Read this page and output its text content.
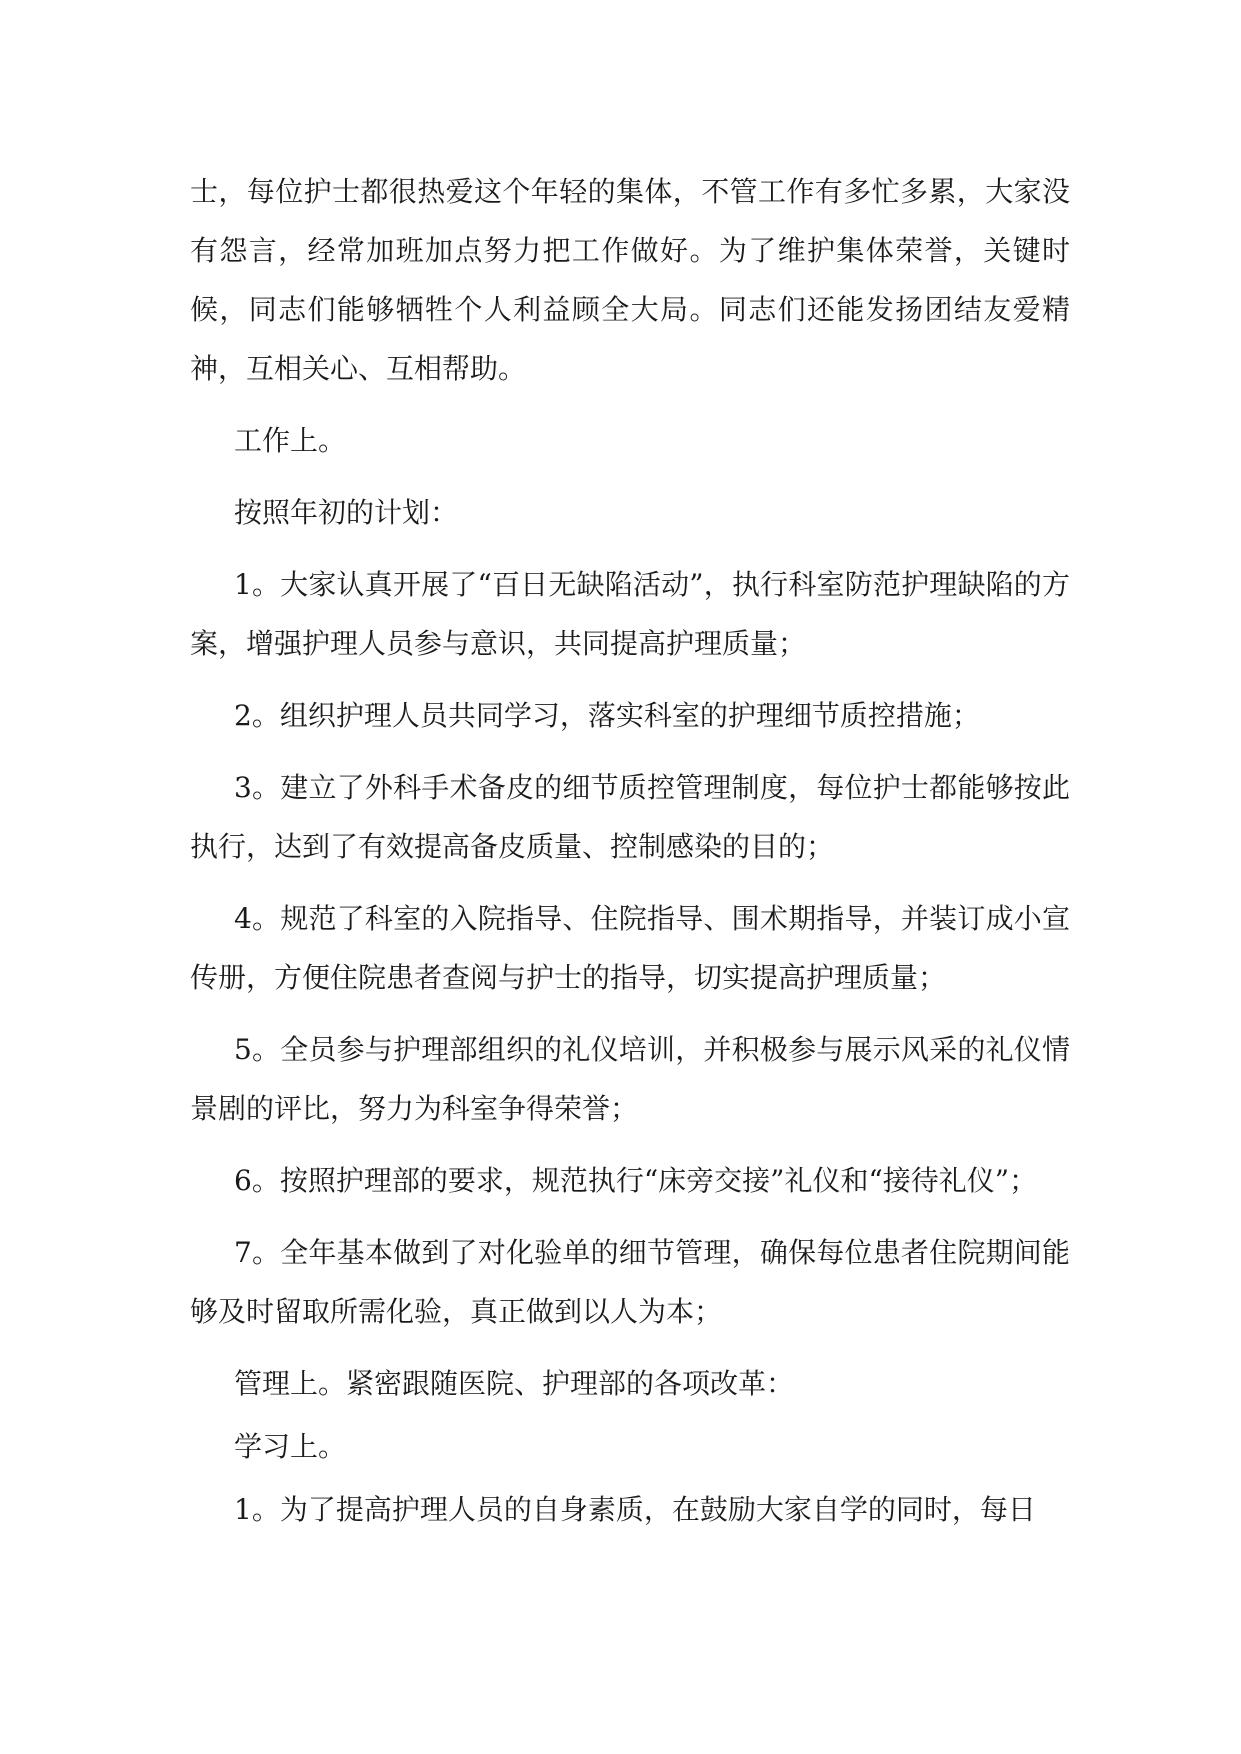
士，每位护士都很热爱这个年轻的集体，不管工作有多忙多累，大家没有怨言，经常加班加点努力把工作做好。为了维护集体荣誉，关键时候，同志们能够牺牲个人利益顾全大局。同志们还能发扬团结友爱精神，互相关心、互相帮助。

工作上。

按照年初的计划：

1。大家认真开展了“百日无缺陷活动”，执行科室防范护理缺陷的方案，增强护理人员参与意识，共同提高护理质量；

2。组织护理人员共同学习，落实科室的护理细节质控措施；

3。建立了外科手术备皮的细节质控管理制度，每位护士都能够按此执行，达到了有效提高备皮质量、控制感染的目的；

4。规范了科室的入院指导、住院指导、围术期指导，并装订成小宣传册，方便住院患者查阅与护士的指导，切实提高护理质量；

5。全员参与护理部组织的礼仪培训，并积极参与展示风采的礼仪情景剧的评比，努力为科室争得荣誉；

6。按照护理部的要求，规范执行“床旁交接”礼仪和“接待礼仪”；

7。全年基本做到了对化验单的细节管理，确保每位患者住院期间能够及时留取所需化验，真正做到以人为本；

管理上。紧密跟随医院、护理部的各项改革：

学习上。

1。为了提高护理人员的自身素质，在鼓励大家自学的同时，每日
